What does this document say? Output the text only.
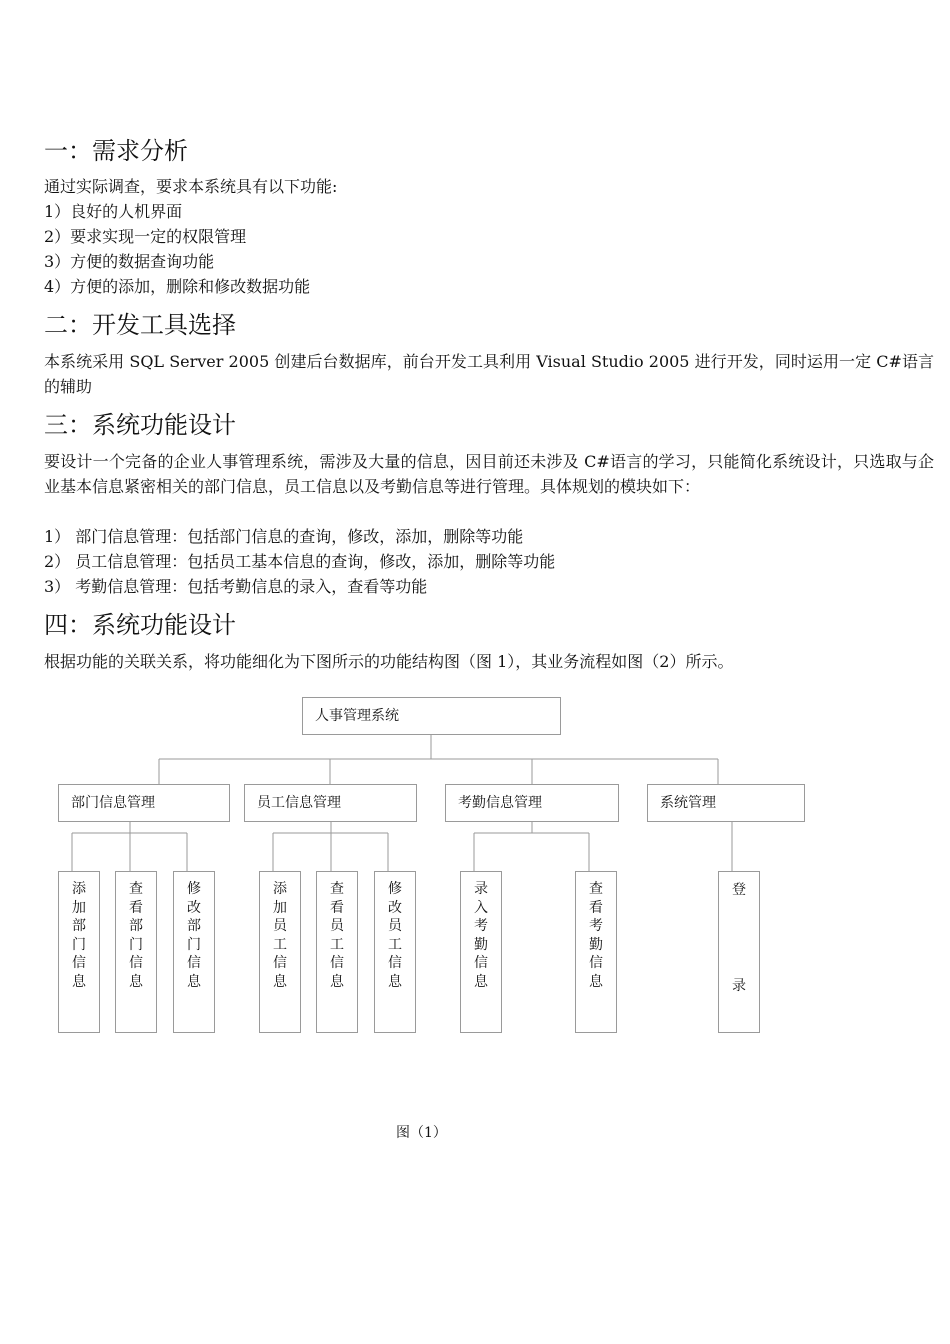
一：需求分析
通过实际调查，要求本系统具有以下功能:
1）良好的人机界面
2）要求实现一定的权限管理
3）方便的数据查询功能
4）方便的添加，删除和修改数据功能
二：开发工具选择

本系统采用 SQL Server 2005 创建后台数据库，前台开发工具利用 Visual Studio 2005 进行开发，同时运用一定 C#语言的辅助

三：系统功能设计

要设计一个完备的企业人事管理系统，需涉及大量的信息，因目前还未涉及 C#语言的学习，只能简化系统设计，只选取与企业基本信息紧密相关的部门信息，员工信息以及考勤信息等进行管理。具体规划的模块如下：

1） 部门信息管理：包括部门信息的查询，修改，添加，删除等功能
2） 员工信息管理：包括员工基本信息的查询，修改，添加，删除等功能
3） 考勤信息管理：包括考勤信息的录入，查看等功能
四：系统功能设计

根据功能的关联关系，将功能细化为下图所示的功能结构图（图 1），其业务流程如图（2）所示。

人事管理系统
部门信息管理	员工信息管理	考勤信息管理	系统管理
添加部门信息
查看部门信息
修改部门信息
添加员工信息
查看员工信息
修改员工信息
录入考勤信息
查看考勤信息
登录
图（1）
